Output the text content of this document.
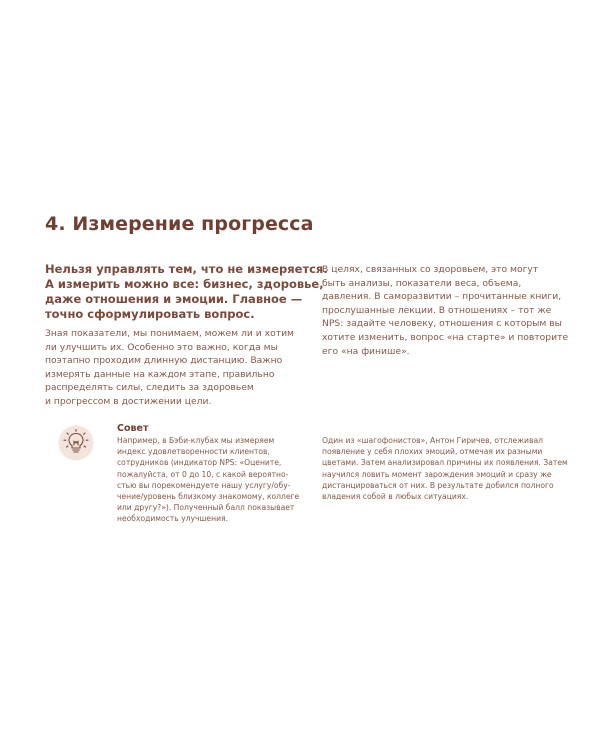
4. Измерение прогресса
Нельзя управлять тем, что не измеряется.
А измерить можно все: бизнес, здоровье,
даже отношения и эмоции. Главное —
точно сформулировать вопрос.
Зная показатели, мы понимаем, можем ли и хотим
ли улучшить их. Особенно это важно, когда мы
поэтапно проходим длинную дистанцию. Важно
измерять данные на каждом этапе, правильно
распределять силы, следить за здоровьем
и прогрессом в достижении цели.
В целях, связанных со здоровьем, это могут
быть анализы, показатели веса, объема,
давления. В саморазвитии – прочитанные книги,
прослушанные лекции. В отношениях – тот же
NPS: задайте человеку, отношения с которым вы
хотите изменить, вопрос «на старте» и повторите
его «на финише».
Совет
Например, в Бэби-клубах мы измеряем
индекс удовлетворенности клиентов,
сотрудников (индикатор NPS: «Оцените,
пожалуйста, от 0 до 10, с какой вероятно-
стью вы порекомендуете нашу услугу/обу-
чение/уровень близкому знакомому, коллеге
или другу?»). Полученный балл показывает
необходимость улучшения.
Один из «шагофонистов», Антон Гиричев, отслеживал
появление у себя плохих эмоций, отмечая их разными
цветами. Затем анализировал причины их появления. Затем
научился ловить момент зарождения эмоций и сразу же
дистанцироваться от них. В результате добился полного
владения собой в любых ситуациях.
